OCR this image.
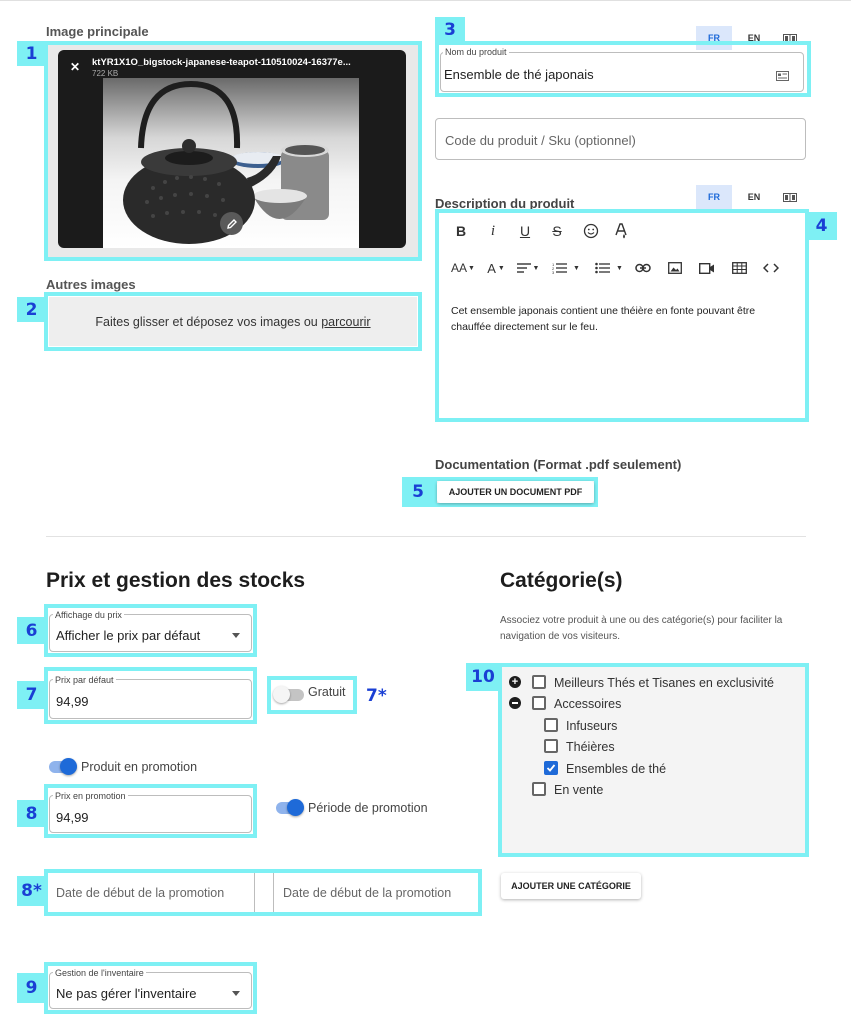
Image principale
✕ ktYR1X1O_bigstock-japanese-teapot-110510024-16377e...
722 KB
1
Autres images
Faites glisser et déposez vos images ou parcourir
2
FR	EN
3
Nom du produit
Ensemble de thé japonais
Code du produit / Sku (optionnel)
Description du produit	FR	EN
4
B	i	U	S
AA ▼ A ▼	▼	1
2
3
▼	▼
Cet ensemble japonais contient une théière en fonte pouvant être
chauffée directement sur le feu.
Documentation (Format .pdf seulement)
5	AJOUTER UN DOCUMENT PDF
Prix et gestion des stocks
6
Affichage du prix
Afficher le prix par défaut
7
Prix par défaut
94,99
Gratuit 7*
Produit en promotion
8
Prix en promotion
94,99
Période de promotion
8*	Date de début de la promotion	Date de début de la promotion
9
Gestion de l'inventaire
Ne pas gérer l'inventaire
Catégorie(s)
Associez votre produit à une ou des catégorie(s) pour faciliter la
navigation de vos visiteurs.
10	+	Meilleurs Thés et Tisanes en exclusivité
Accessoires
Infuseurs
Théières
Ensembles de thé
En vente
AJOUTER UNE CATÉGORIE
